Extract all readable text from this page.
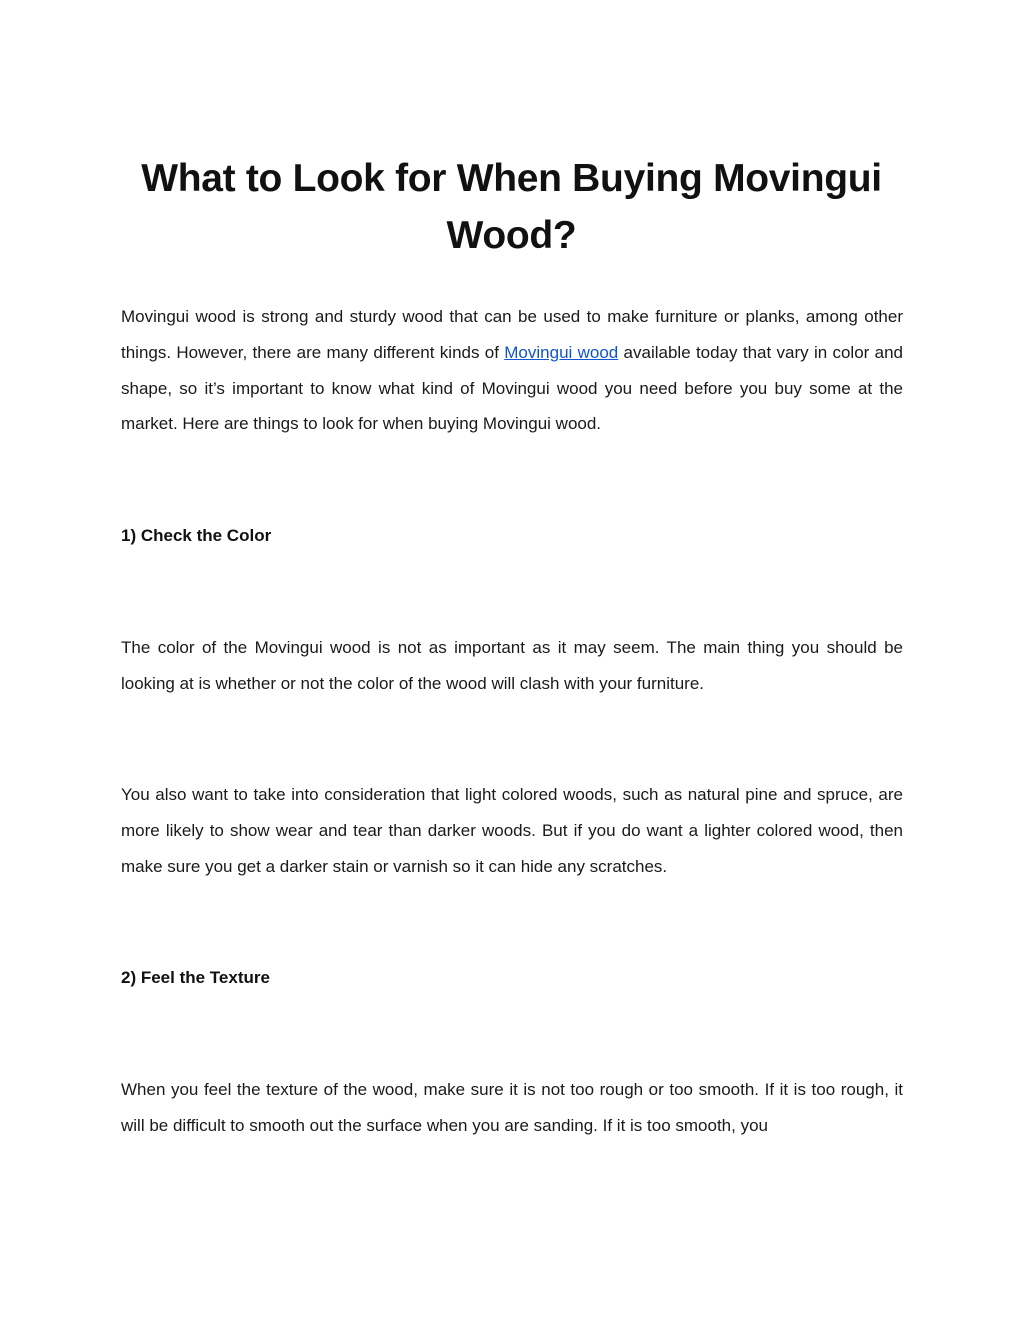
What to Look for When Buying Movingui Wood?

Movingui wood is strong and sturdy wood that can be used to make furniture or planks, among other things. However, there are many different kinds of Movingui wood available today that vary in color and shape, so it’s important to know what kind of Movingui wood you need before you buy some at the market. Here are things to look for when buying Movingui wood.

1) Check the Color

The color of the Movingui wood is not as important as it may seem. The main thing you should be looking at is whether or not the color of the wood will clash with your furniture.

You also want to take into consideration that light colored woods, such as natural pine and spruce, are more likely to show wear and tear than darker woods. But if you do want a lighter colored wood, then make sure you get a darker stain or varnish so it can hide any scratches.

2) Feel the Texture

When you feel the texture of the wood, make sure it is not too rough or too smooth. If it is too rough, it will be difficult to smooth out the surface when you are sanding. If it is too smooth, you
